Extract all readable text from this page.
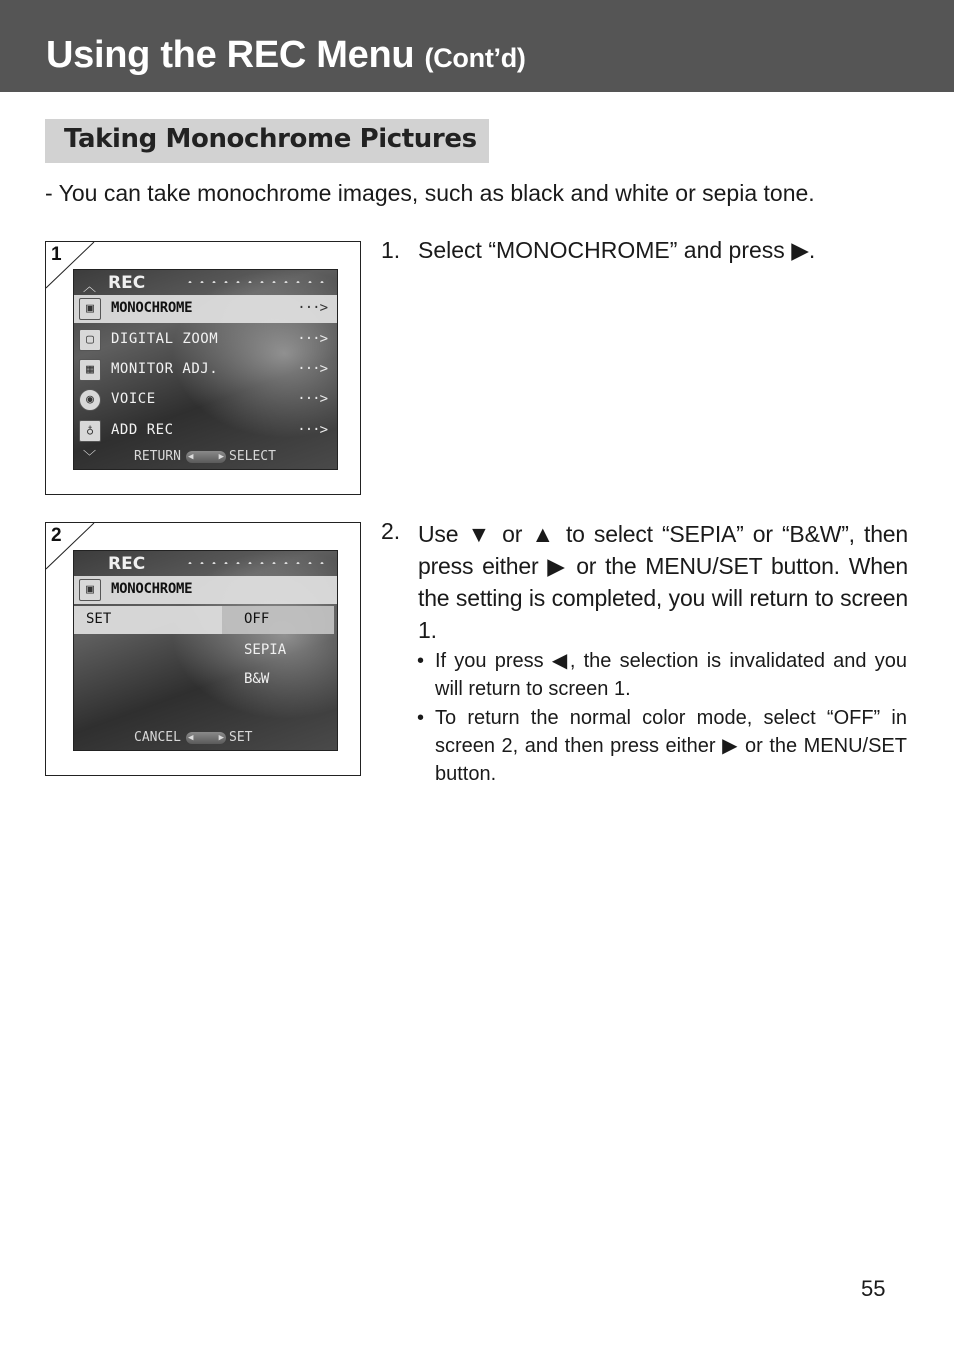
Using the REC Menu (Cont’d)
Taking Monochrome Pictures
- You can take monochrome images, such as black and white or sepia tone.
1
︿ REC
▣	MONOCHROME	···>
▢	DIGITAL ZOOM	···>
▦	MONITOR ADJ.	···>
◉	VOICE	···>
♁	ADD REC	···>
﹀	RETURN ◀	▶ SELECT
2
REC
▣	MONOCHROME
SET	OFF
SEPIA
B&W
CANCEL ◀	▶ SET
1. Select “MONOCHROME” and press ▶.
2. Use ▼ or ▲ to select “SEPIA” or “B&W”, then press either ▶ or the MENU/SET button. When the setting is completed, you will return to screen 1.
• If you press ◀, the selection is invalidated and you will return to screen 1.
• To return the normal color mode, select “OFF” in screen 2, and then press either ▶ or the MENU/SET button.
55
